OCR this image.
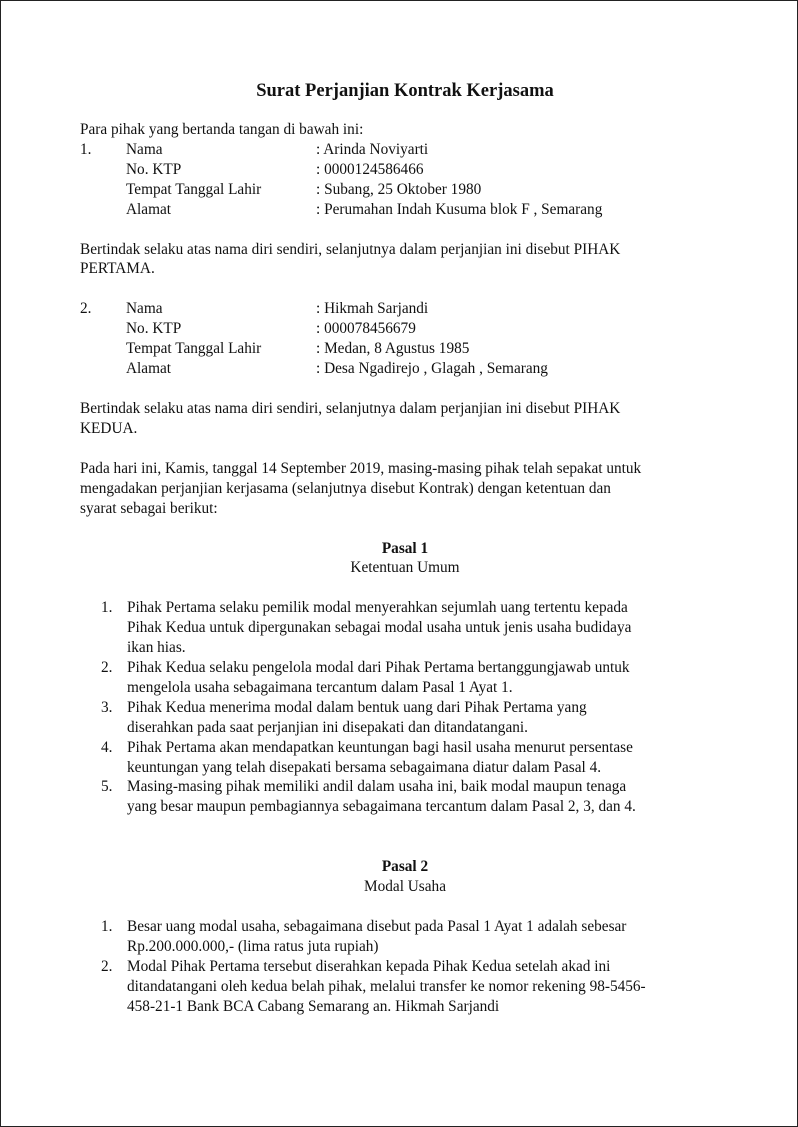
Surat Perjanjian Kontrak Kerjasama

Para pihak yang bertanda tangan di bawah ini:

1.	Nama	: Arinda Noviyarti
No. KTP	: 0000124586466
Tempat Tanggal Lahir	: Subang, 25 Oktober 1980
Alamat	: Perumahan Indah Kusuma blok F , Semarang

Bertindak selaku atas nama diri sendiri, selanjutnya dalam perjanjian ini disebut PIHAK

PERTAMA.

2.	Nama	: Hikmah Sarjandi
No. KTP	: 000078456679
Tempat Tanggal Lahir	: Medan, 8 Agustus 1985
Alamat	: Desa Ngadirejo , Glagah , Semarang

Bertindak selaku atas nama diri sendiri, selanjutnya dalam perjanjian ini disebut PIHAK

KEDUA.

Pada hari ini, Kamis, tanggal 14 September 2019, masing-masing pihak telah sepakat untuk

mengadakan perjanjian kerjasama (selanjutnya disebut Kontrak) dengan ketentuan dan

syarat sebagai berikut:

Pasal 1
Ketentuan Umum
1. Pihak Pertama selaku pemilik modal menyerahkan sejumlah uang tertentu kepada
Pihak Kedua untuk dipergunakan sebagai modal usaha untuk jenis usaha budidaya
ikan hias.
2. Pihak Kedua selaku pengelola modal dari Pihak Pertama bertanggungjawab untuk
mengelola usaha sebagaimana tercantum dalam Pasal 1 Ayat 1.
3. Pihak Kedua menerima modal dalam bentuk uang dari Pihak Pertama yang
diserahkan pada saat perjanjian ini disepakati dan ditandatangani.
4. Pihak Pertama akan mendapatkan keuntungan bagi hasil usaha menurut persentase
keuntungan yang telah disepakati bersama sebagaimana diatur dalam Pasal 4.
5. Masing-masing pihak memiliki andil dalam usaha ini, baik modal maupun tenaga
yang besar maupun pembagiannya sebagaimana tercantum dalam Pasal 2, 3, dan 4.
Pasal 2
Modal Usaha
1. Besar uang modal usaha, sebagaimana disebut pada Pasal 1 Ayat 1 adalah sebesar
Rp.200.000.000,- (lima ratus juta rupiah)
2. Modal Pihak Pertama tersebut diserahkan kepada Pihak Kedua setelah akad ini
ditandatangani oleh kedua belah pihak, melalui transfer ke nomor rekening 98-5456-
458-21-1 Bank BCA Cabang Semarang an. Hikmah Sarjandi
